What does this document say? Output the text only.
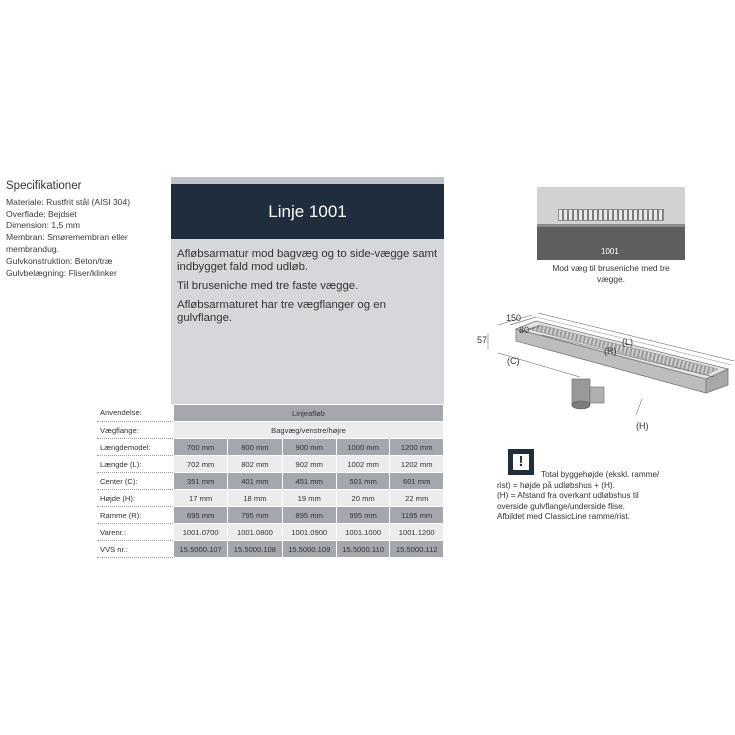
Specifikationer
Materiale: Rustfrit stål (AISI 304)
Overflade: Bejdset
Dimension: 1,5 mm
Membran: Smøremembran eller
membrandug.
Gulvkonstruktion: Beton/træ
Gulvbelægning: Fliser/klinker
Linje 1001

Afløbsarmatur mod bagvæg og to side-vægge samt indbygget fald mod udløb.

Til bruseniche med tre faste vægge.

Afløbsarmaturet har tre vægflanger og en gulvflange.

Anvendelse:	Linjeafløb				
Vægflange:	Bagvæg/venstre/højre				
Længdemodel:	700 mm	800 mm	900 mm	1000 mm	1200 mm
Længde (L):	702 mm	802 mm	902 mm	1002 mm	1202 mm
Center (C):	351 mm	401 mm	451 mm	501 mm	601 mm
Højde (H):	17 mm	18 mm	19 mm	20 mm	22 mm
Ramme (R):	695 mm	795 mm	895 mm	995 mm	1195 mm
Varenr.:	1001.0700	1001.0800	1001.0900	1001.1000	1001.1200
VVS nr.:	15.5000.107	15.5000.108	15.5000.109	15.5000.110	15.5000.112
1001
Mod væg til bruseniche med tre
vægge.
150
80
57	(L)
(R)
(C)
(H)
!
Total byggehøjde (ekskl. ramme/
rist) = højde på udløbshus + (H).
(H) = Afstand fra overkant udløbshus til
overside gulvflange/underside flise.
Afbildet med ClassicLine ramme/rist.
